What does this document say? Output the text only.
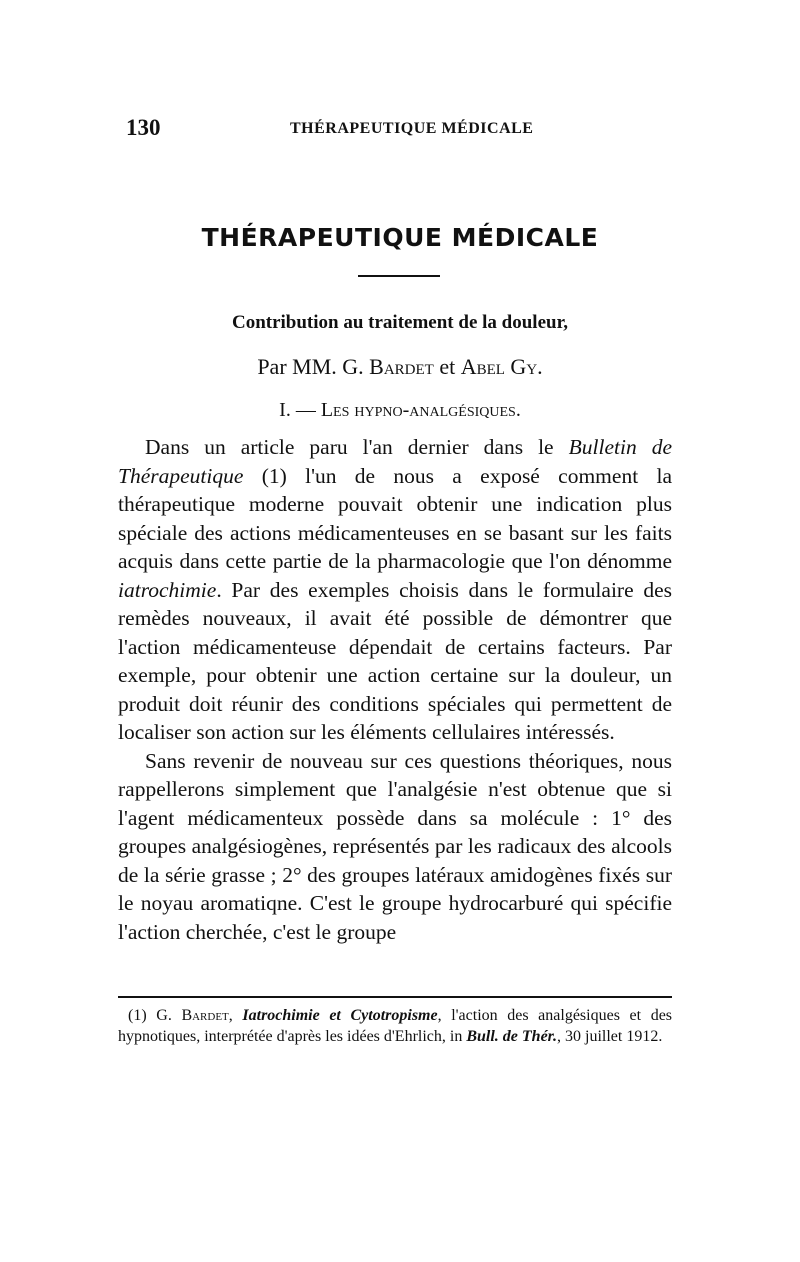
130	THÉRAPEUTIQUE MÉDICALE
THÉRAPEUTIQUE MÉDICALE
Contribution au traitement de la douleur,
Par MM. G. Bardet et Abel Gy.
I. — Les hypno-analgésiques.

Dans un article paru l'an dernier dans le Bulletin de Thérapeutique (1) l'un de nous a exposé comment la thérapeutique moderne pouvait obtenir une indication plus spéciale des actions médicamenteuses en se basant sur les faits acquis dans cette partie de la pharmacologie que l'on dénomme iatrochimie. Par des exemples choisis dans le formulaire des remèdes nouveaux, il avait été possible de démontrer que l'action médicamenteuse dépendait de certains facteurs. Par exemple, pour obtenir une action certaine sur la douleur, un produit doit réunir des conditions spéciales qui permettent de localiser son action sur les éléments cellulaires intéressés.

Sans revenir de nouveau sur ces questions théoriques, nous rappellerons simplement que l'analgésie n'est obtenue que si l'agent médicamenteux possède dans sa molécule : 1° des groupes analgésiogènes, représentés par les radicaux des alcools de la série grasse ; 2° des groupes latéraux amidogènes fixés sur le noyau aromatiqne. C'est le groupe hydrocarburé qui spécifie l'action cherchée, c'est le groupe

(1) G. Bardet, Iatrochimie et Cytotropisme, l'action des analgésiques et des hypnotiques, interprétée d'après les idées d'Ehrlich, in Bull. de Thér., 30 juillet 1912.
